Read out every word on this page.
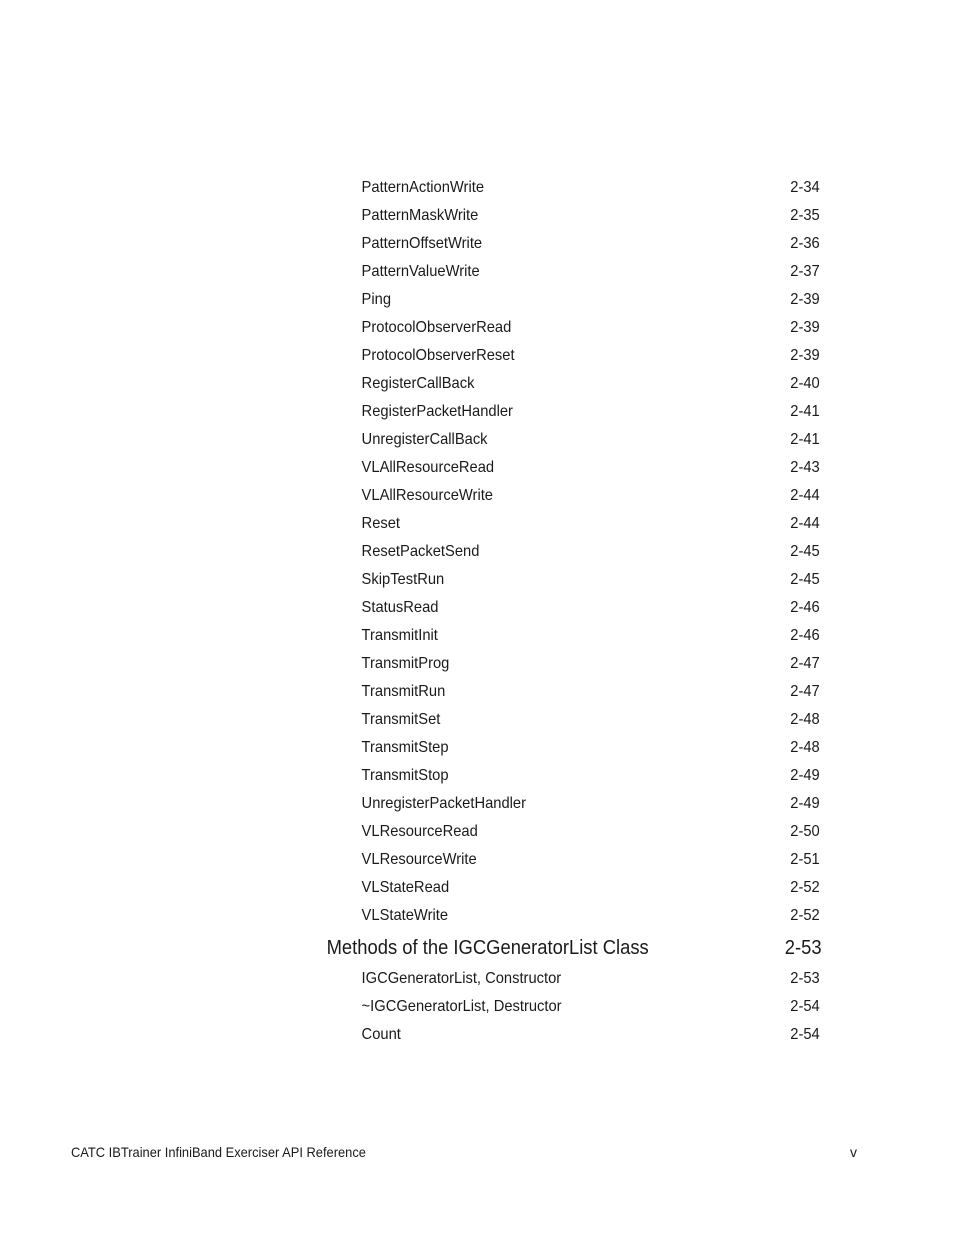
PatternActionWrite	2-34
PatternMaskWrite	2-35
PatternOffsetWrite	2-36
PatternValueWrite	2-37
Ping	2-39
ProtocolObserverRead	2-39
ProtocolObserverReset	2-39
RegisterCallBack	2-40
RegisterPacketHandler	2-41
UnregisterCallBack	2-41
VLAllResourceRead	2-43
VLAllResourceWrite	2-44
Reset	2-44
ResetPacketSend	2-45
SkipTestRun	2-45
StatusRead	2-46
TransmitInit	2-46
TransmitProg	2-47
TransmitRun	2-47
TransmitSet	2-48
TransmitStep	2-48
TransmitStop	2-49
UnregisterPacketHandler	2-49
VLResourceRead	2-50
VLResourceWrite	2-51
VLStateRead	2-52
VLStateWrite	2-52
Methods of the IGCGeneratorList Class	2-53
IGCGeneratorList, Constructor	2-53
~IGCGeneratorList, Destructor	2-54
Count	2-54
CATC IBTrainer InfiniBand Exerciser API Reference	v
